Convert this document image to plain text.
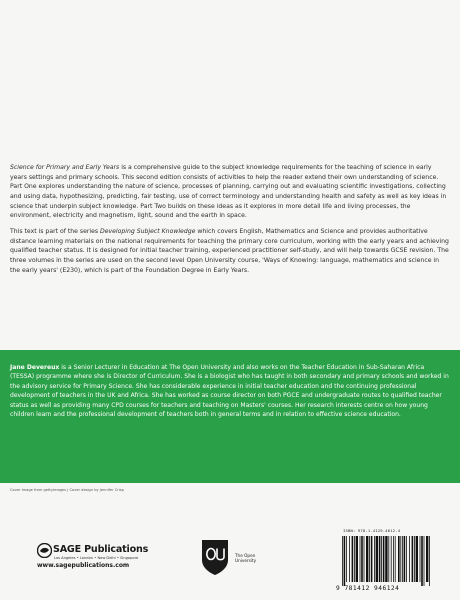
Science for Primary and Early Years is a comprehensive guide to the subject knowledge requirements for the teaching of science in early years settings and primary schools. This second edition consists of activities to help the reader extend their own understanding of science. Part One explores understanding the nature of science, processes of planning, carrying out and evaluating scientific investigations, collecting and using data, hypothesizing, predicting, fair testing, use of correct terminology and understanding health and safety as well as key ideas in science that underpin subject knowledge. Part Two builds on these ideas as it explores in more detail life and living processes, the environment, electricity and magnetism, light, sound and the earth in space.

This text is part of the series Developing Subject Knowledge which covers English, Mathematics and Science and provides authoritative distance learning materials on the national requirements for teaching the primary core curriculum, working with the early years and achieving qualified teacher status. It is designed for initial teacher training, experienced practitioner self-study, and will help towards GCSE revision. The three volumes in the series are used on the second level Open University course, 'Ways of Knowing: language, mathematics and science in the early years' (E230), which is part of the Foundation Degree in Early Years.

Jane Devereux is a Senior Lecturer in Education at The Open University and also works on the Teacher Education in Sub-Saharan Africa (TESSA) programme where she is Director of Curriculum. She is a biologist who has taught in both secondary and primary schools and worked in the advisory service for Primary Science. She has considerable experience in initial teacher education and the continuing professional development of teachers in the UK and Africa. She has worked as course director on both PGCE and undergraduate routes to qualified teacher status as well as providing many CPD courses for teachers and teaching on Masters' courses. Her research interests centre on how young children learn and the professional development of teachers both in general terms and in relation to effective science education.
Cover image from gettyimages | Cover design by Jennifer Crisp
SAGE Publications
Los Angeles • London • New Delhi • Singapore
www.sagepublications.com
The Open
University
ISBN: 978-1-4129-4612-4
9 781412 946124
